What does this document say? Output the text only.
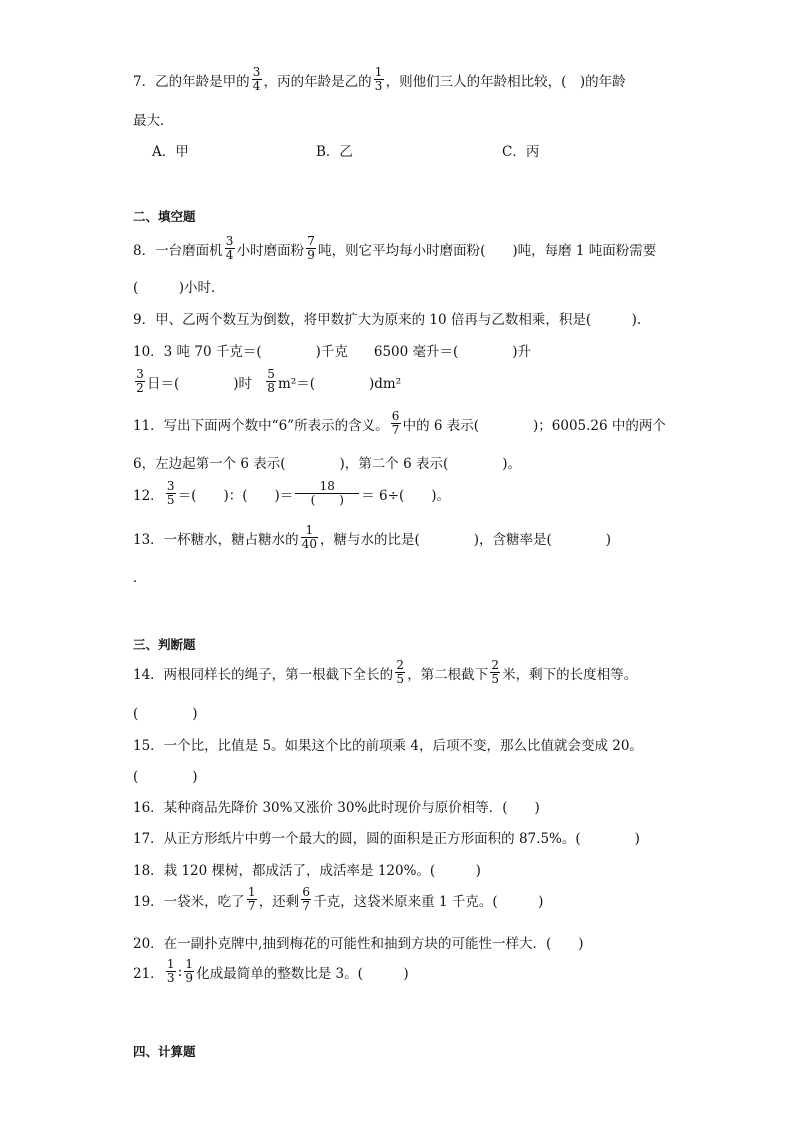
7．乙的年龄是甲的 $\frac{3}{4}$ ，丙的年龄是乙的 $\frac{1}{3}$ ，则他们三人的年龄相比较，(　)的年龄
最大．
A．甲	B．乙	C．丙
二、填空题
8．一台磨面机 $\frac{3}{4}$ 小时磨面粉 $\frac{7}{9}$ 吨，则它平均每小时磨面粉(　　)吨，每磨 1 吨面粉需要
(　　　)小时．
9．甲、乙两个数互为倒数，将甲数扩大为原来的 10 倍再与乙数相乘，积是(　　　).
10．3 吨 70 千克＝(　　　　)千克 6500 毫升＝(　　　　)升
$\frac{3}{2}$ 日＝(　　　　)时 $\frac{5}{8} m^2=$(　　　　)dm²
11．写出下面两个数中“6”所表示的含义。 $\frac{6}{7}$ 中的 6 表示(　　　　)；6005.26 中的两个
6，左边起第一个 6 表示(　　　　)，第二个 6 表示(　　　　)。
12． $\frac{3}{5}$ ＝(　　)：(　　)＝ $\frac{18}{( )} = 6\div$(　　)。
13．一杯糖水，糖占糖水的 $\frac{1}{40}$ ，糖与水的比是(　　　　)，含糖率是(　　　　)
．
三、判断题
14．两根同样长的绳子，第一根截下全长的 $\frac{2}{5}$ ，第二根截下 $\frac{2}{5}$ 米，剩下的长度相等。
(　　　　)
15．一个比，比值是 5。如果这个比的前项乘 4，后项不变，那么比值就会变成 20。
(　　　　)
16．某种商品先降价 30%又涨价 30%此时现价与原价相等．(　　)
17．从正方形纸片中剪一个最大的圆，圆的面积是正方形面积的 87.5%。(　　　　)
18．栽 120 棵树，都成活了，成活率是 120%。(　　　)
19．一袋米，吃了 $\frac{1}{7}$ ，还剩 $\frac{6}{7}$ 千克，这袋米原来重 1 千克。(　　　)
20．在一副扑克牌中,抽到梅花的可能性和抽到方块的可能性一样大．(　　)
21． $\frac{1}{3}$ : $\frac{1}{9}$ 化成最简单的整数比是 3。(　　　)
四、计算题
